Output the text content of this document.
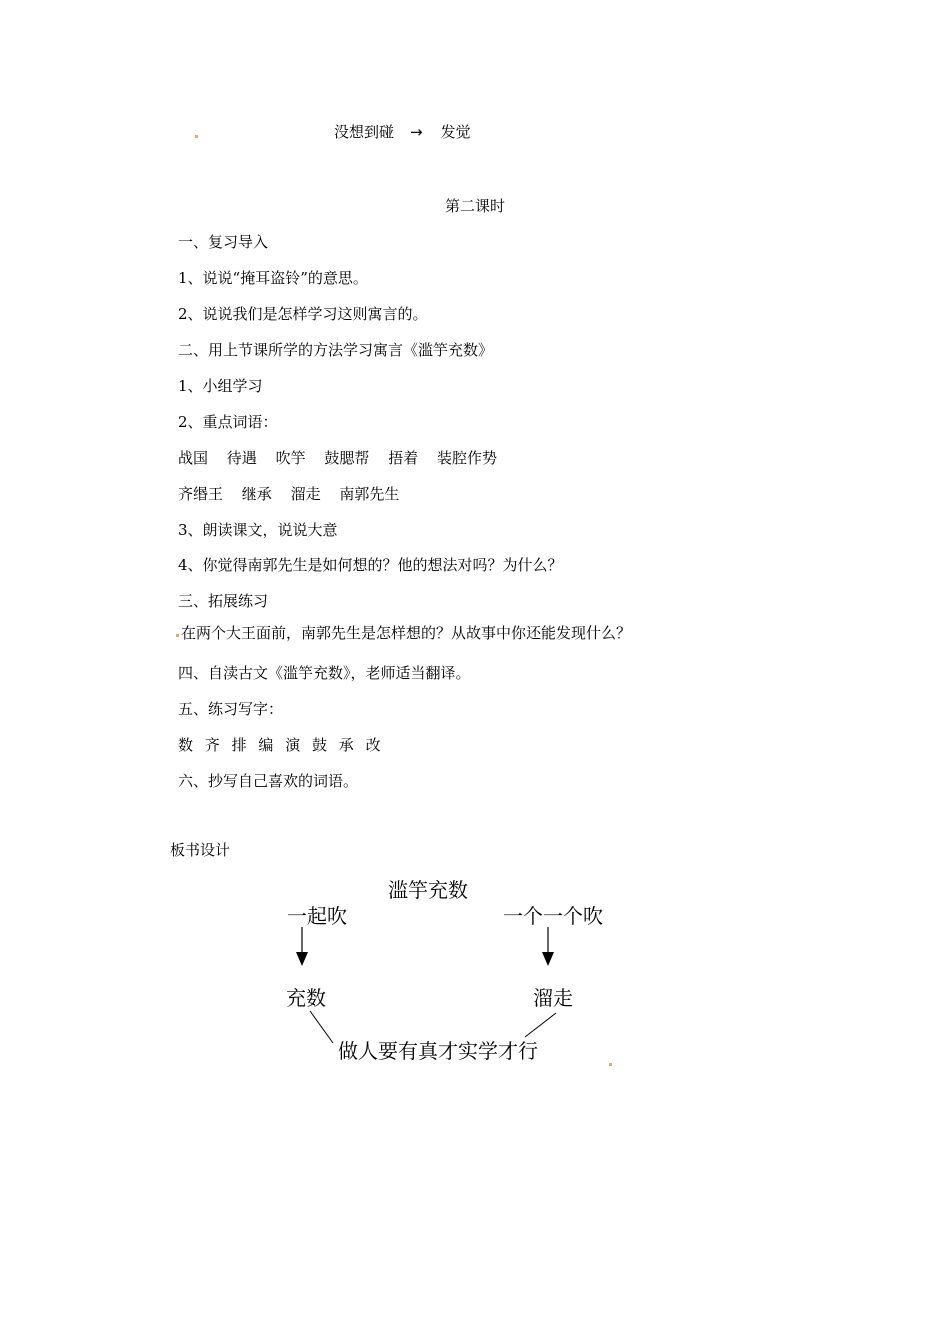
没想到碰 → 发觉
第二课时
一、复习导入
1、说说“掩耳盗铃”的意思。
2、说说我们是怎样学习这则寓言的。
二、用上节课所学的方法学习寓言《滥竽充数》
1、小组学习
2、重点词语：
战国 待遇 吹竽 鼓腮帮 捂着 装腔作势
齐缗王 继承 溜走 南郭先生
3、朗读课文，说说大意
4、你觉得南郭先生是如何想的？他的想法对吗？为什么？
三、拓展练习
在两个大王面前，南郭先生是怎样想的？从故事中你还能发现什么？
四、自渎古文《滥竽充数》，老师适当翻译。
五、练习写字：
数 齐 排 编 演 鼓 承 改
六、抄写自己喜欢的词语。
板书设计
滥竽充数
一起吹	一个一个吹
充数	溜走
做人要有真才实学才行
